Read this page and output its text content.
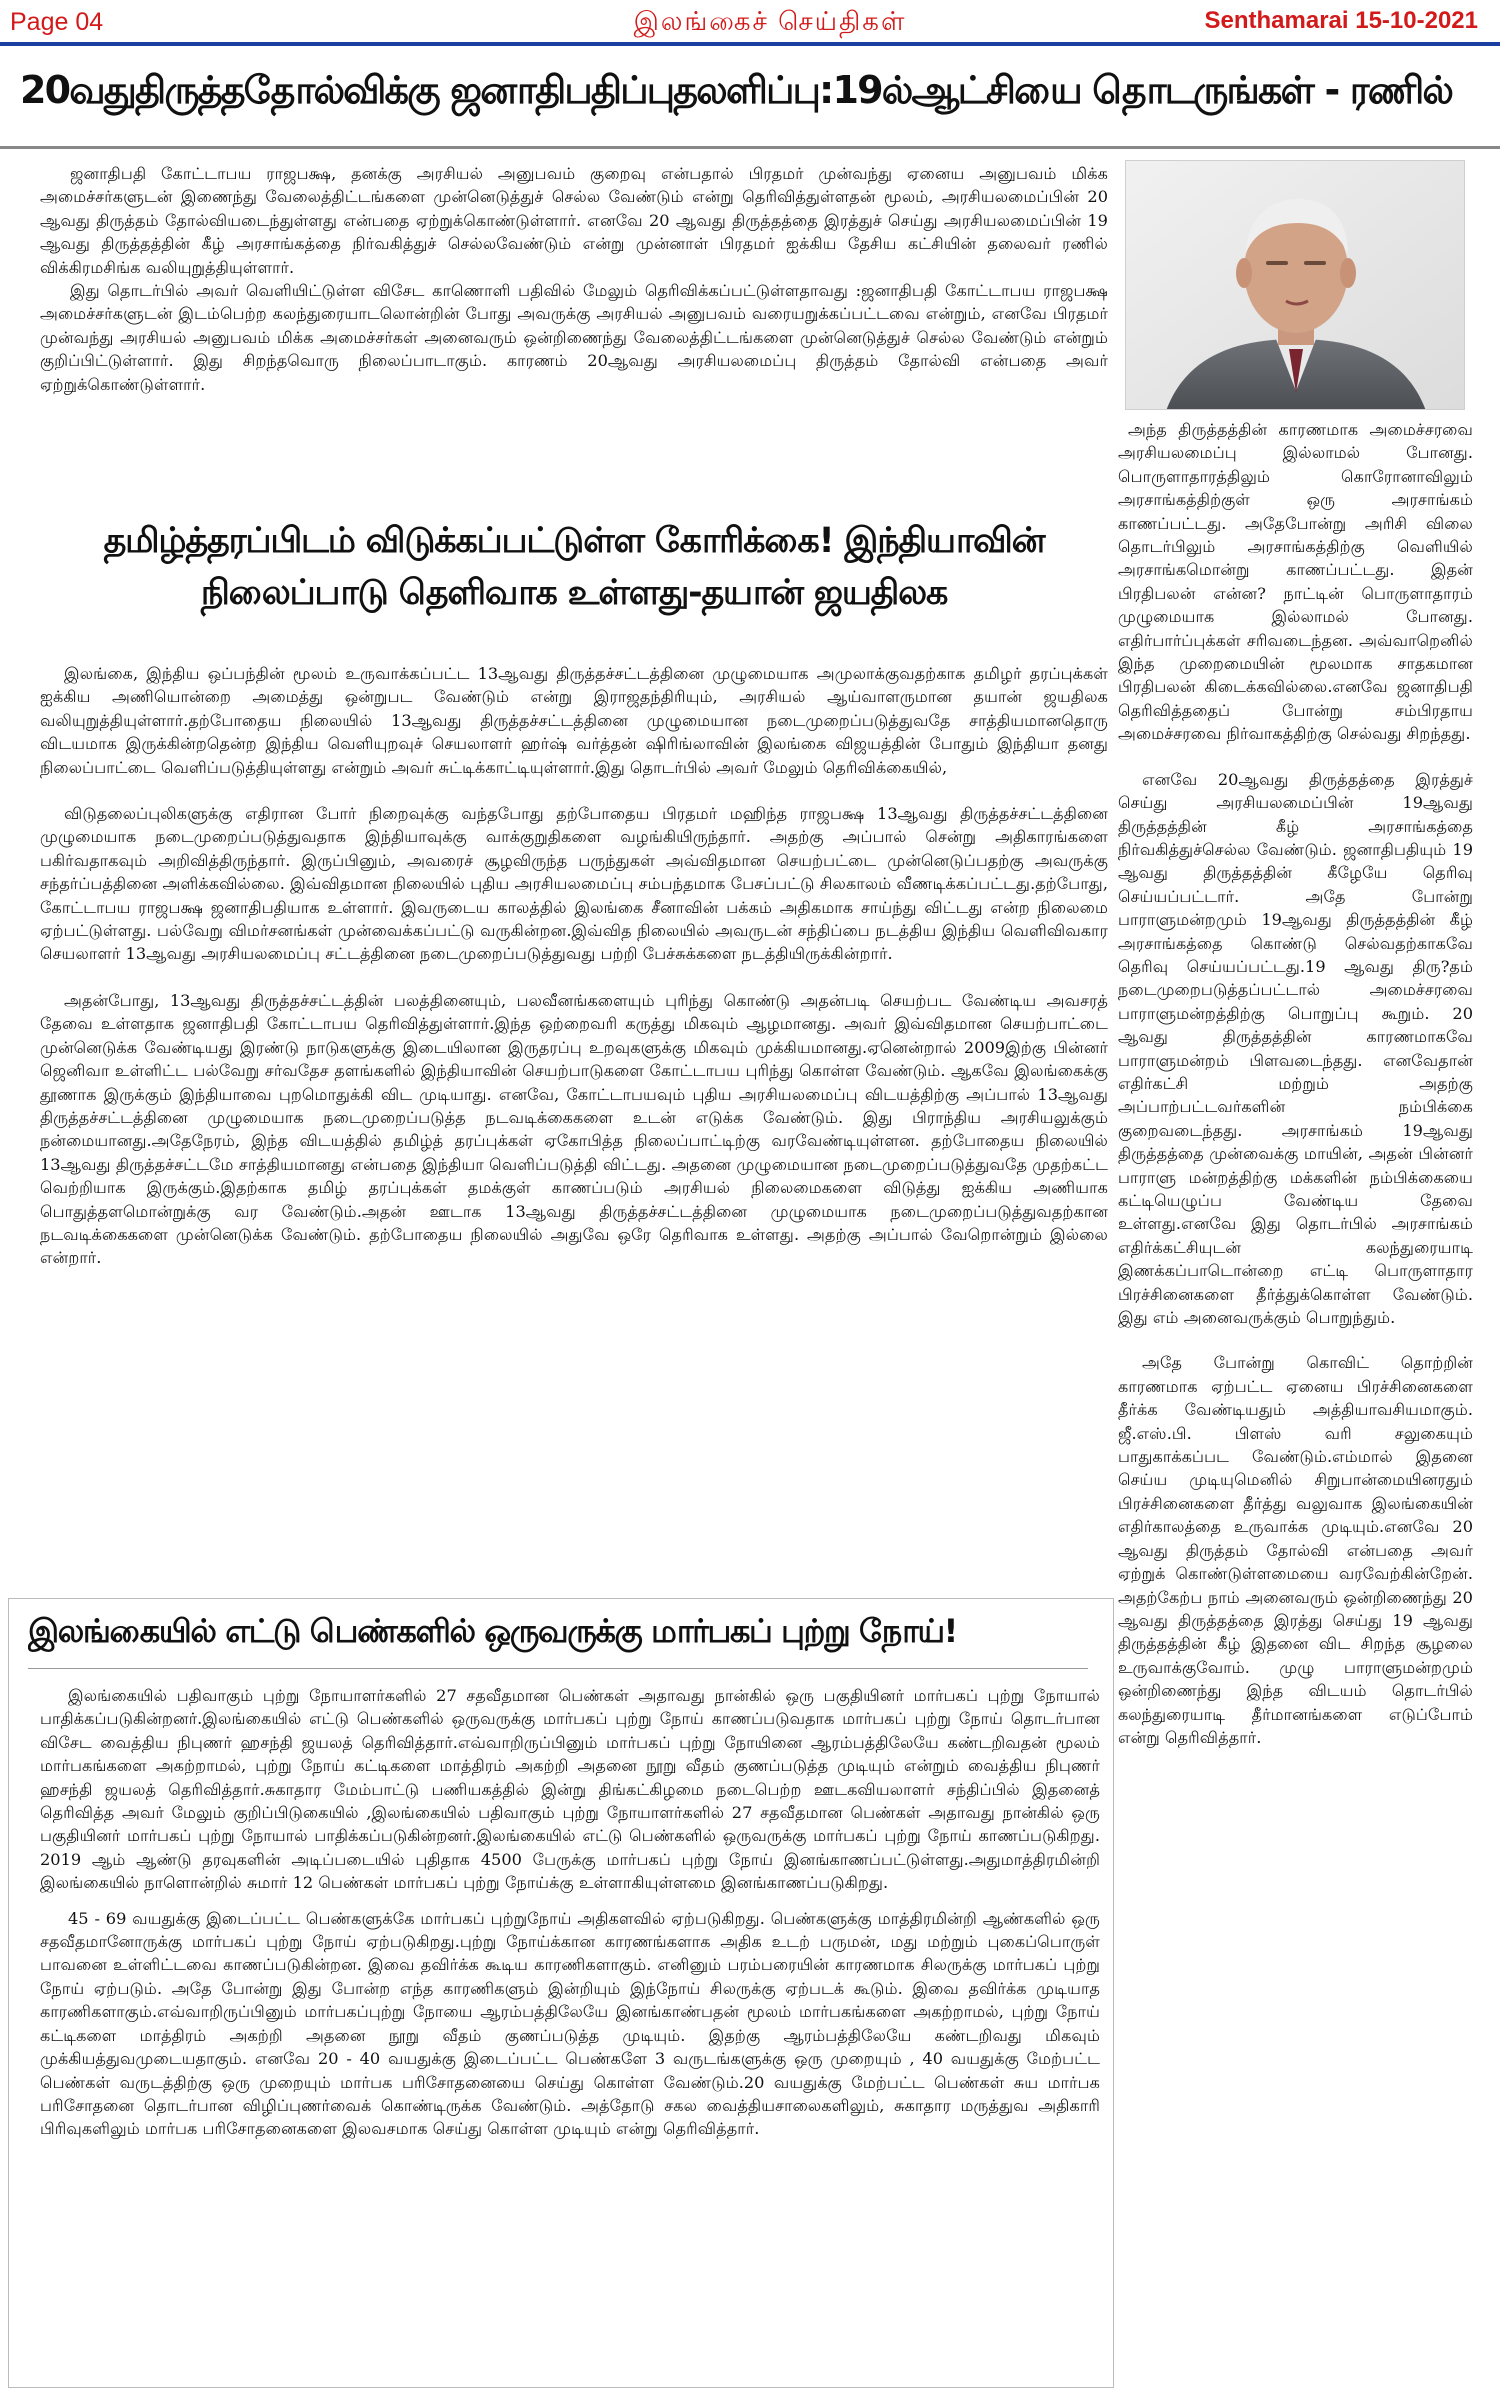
Page 04	இலங்கைச் செய்திகள்	Senthamarai 15-10-2021
20வதுதிருத்ததோல்விக்கு ஜனாதிபதிப்புதலளிப்பு:19ல்ஆட்சியை தொடருங்கள் - ரணில்

ஜனாதிபதி கோட்டாபய ராஜபக்ஷ, தனக்கு அரசியல் அனுபவம் குறைவு என்பதால் பிரதமர் முன்வந்து ஏனைய அனுபவம் மிக்க அமைச்சர்களுடன் இணைந்து வேலைத்திட்டங்களை முன்னெடுத்துச் செல்ல வேண்டும் என்று தெரிவித்துள்ளதன் மூலம், அரசியலமைப்பின் 20 ஆவது திருத்தம் தோல்வியடைந்துள்ளது என்பதை ஏற்றுக்கொண்டுள்ளார். எனவே 20 ஆவது திருத்தத்தை இரத்துச் செய்து அரசியலமைப்பின் 19 ஆவது திருத்தத்தின் கீழ் அரசாங்கத்தை நிர்வகித்துச் செல்லவேண்டும் என்று முன்னாள் பிரதமர் ஐக்கிய தேசிய கட்சியின் தலைவர் ரணில் விக்கிரமசிங்க வலியுறுத்தியுள்ளார்.

இது தொடர்பில் அவர் வெளியிட்டுள்ள விசேட காணொளி பதிவில் மேலும் தெரிவிக்கப்பட்டுள்ளதாவது :ஜனாதிபதி கோட்டாபய ராஜபக்ஷ அமைச்சர்களுடன் இடம்பெற்ற கலந்துரையாடலொன்றின் போது அவருக்கு அரசியல் அனுபவம் வரையறுக்கப்பட்டவை என்றும், எனவே பிரதமர் முன்வந்து அரசியல் அனுபவம் மிக்க அமைச்சர்கள் அனைவரும் ஒன்றிணைந்து வேலைத்திட்டங்களை முன்னெடுத்துச் செல்ல வேண்டும் என்றும் குறிப்பிட்டுள்ளார். இது சிறந்தவொரு நிலைப்பாடாகும். காரணம் 20ஆவது அரசியலமைப்பு திருத்தம் தோல்வி என்பதை அவர் ஏற்றுக்கொண்டுள்ளார்.

தமிழ்த்தரப்பிடம் விடுக்கப்பட்டுள்ள கோரிக்கை! இந்தியாவின்
நிலைப்பாடு தெளிவாக உள்ளது-தயான் ஜயதிலக

இலங்கை, இந்திய ஒப்பந்தின் மூலம் உருவாக்கப்பட்ட 13ஆவது திருத்தச்சட்டத்தினை முழுமையாக அமுலாக்குவதற்காக தமிழர் தரப்புக்கள் ஐக்கிய அணியொன்றை அமைத்து ஒன்றுபட வேண்டும் என்று இராஜதந்திரியும், அரசியல் ஆய்வாளருமான தயான் ஜயதிலக வலியுறுத்தியுள்ளார்.தற்போதைய நிலையில் 13ஆவது திருத்தச்சட்டத்தினை முழுமையான நடைமுறைப்படுத்துவதே சாத்தியமானதொரு விடயமாக இருக்கின்றதென்ற இந்திய வெளியுறவுச் செயலாளர் ஹர்ஷ் வர்த்தன் ஷிரிங்லாவின் இலங்கை விஜயத்தின் போதும் இந்தியா தனது நிலைப்பாட்டை வெளிப்படுத்தியுள்ளது என்றும் அவர் சுட்டிக்காட்டியுள்ளார்.இது தொடர்பில் அவர் மேலும் தெரிவிக்கையில்,

விடுதலைப்புலிகளுக்கு எதிரான போர் நிறைவுக்கு வந்தபோது தற்போதைய பிரதமர் மஹிந்த ராஜபக்ஷ 13ஆவது திருத்தச்சட்டத்தினை முழுமையாக நடைமுறைப்படுத்துவதாக இந்தியாவுக்கு வாக்குறுதிகளை வழங்கியிருந்தார். அதற்கு அப்பால் சென்று அதிகாரங்களை பகிர்வதாகவும் அறிவித்திருந்தார். இருப்பினும், அவரைச் சூழவிருந்த பருந்துகள் அவ்விதமான செயற்பட்டை முன்னெடுப்பதற்கு அவருக்கு சந்தர்ப்பத்தினை அளிக்கவில்லை. இவ்விதமான நிலையில் புதிய அரசியலமைப்பு சம்பந்தமாக பேசப்பட்டு சிலகாலம் வீணடிக்கப்பட்டது.தற்போது, கோட்டாபய ராஜபக்ஷ ஜனாதிபதியாக உள்ளார். இவருடைய காலத்தில் இலங்கை சீனாவின் பக்கம் அதிகமாக சாய்ந்து விட்டது என்ற நிலைமை ஏற்பட்டுள்ளது. பல்வேறு விமர்சனங்கள் முன்வைக்கப்பட்டு வருகின்றன.இவ்வித நிலையில் அவருடன் சந்திப்பை நடத்திய இந்திய வெளிவிவகார செயலாளர் 13ஆவது அரசியலமைப்பு சட்டத்தினை நடைமுறைப்படுத்துவது பற்றி பேச்சுக்களை நடத்தியிருக்கின்றார்.

அதன்போது, 13ஆவது திருத்தச்சட்டத்தின் பலத்தினையும், பலவீனங்களையும் புரிந்து கொண்டு அதன்படி செயற்பட வேண்டிய அவசரத் தேவை உள்ளதாக ஜனாதிபதி கோட்டாபய தெரிவித்துள்ளார்.இந்த ஒற்றைவரி கருத்து மிகவும் ஆழமானது. அவர் இவ்விதமான செயற்பாட்டை முன்னெடுக்க வேண்டியது இரண்டு நாடுகளுக்கு இடையிலான இருதரப்பு உறவுகளுக்கு மிகவும் முக்கியமானது.ஏனென்றால் 2009இற்கு பின்னர் ஜெனிவா உள்ளிட்ட பல்வேறு சர்வதேச தளங்களில் இந்தியாவின் செயற்பாடுகளை கோட்டாபய புரிந்து கொள்ள வேண்டும். ஆகவே இலங்கைக்கு தூணாக இருக்கும் இந்தியாவை புறமொதுக்கி விட முடியாது. எனவே, கோட்டாபயவும் புதிய அரசியலமைப்பு விடயத்திற்கு அப்பால் 13ஆவது திருத்தச்சட்டத்தினை முழுமையாக நடைமுறைப்படுத்த நடவடிக்கைகளை உடன் எடுக்க வேண்டும். இது பிராந்திய அரசியலுக்கும் நன்மையானது.அதேநேரம், இந்த விடயத்தில் தமிழ்த் தரப்புக்கள் ஏகோபித்த நிலைப்பாட்டிற்கு வரவேண்டியுள்ளன. தற்போதைய நிலையில் 13ஆவது திருத்தச்சட்டமே சாத்தியமானது என்பதை இந்தியா வெளிப்படுத்தி விட்டது. அதனை முழுமையான நடைமுறைப்படுத்துவதே முதற்கட்ட வெற்றியாக இருக்கும்.இதற்காக தமிழ் தரப்புக்கள் தமக்குள் காணப்படும் அரசியல் நிலைமைகளை விடுத்து ஐக்கிய அணியாக பொதுத்தளமொன்றுக்கு வர வேண்டும்.அதன் ஊடாக 13ஆவது திருத்தச்சட்டத்தினை முழுமையாக நடைமுறைப்படுத்துவதற்கான நடவடிக்கைகளை முன்னெடுக்க வேண்டும். தற்போதைய நிலையில் அதுவே ஒரே தெரிவாக உள்ளது. அதற்கு அப்பால் வேறொன்றும் இல்லை என்றார்.

இலங்கையில் எட்டு பெண்களில் ஒருவருக்கு மார்பகப் புற்று நோய்!

இலங்கையில் பதிவாகும் புற்று நோயாளர்களில் 27 சதவீதமான பெண்கள் அதாவது நான்கில் ஒரு பகுதியினர் மார்பகப் புற்று நோயால் பாதிக்கப்படுகின்றனர்.இலங்கையில் எட்டு பெண்களில் ஒருவருக்கு மார்பகப் புற்று நோய் காணப்படுவதாக மார்பகப் புற்று நோய் தொடர்பான விசேட வைத்திய நிபுணர் ஹசந்தி ஜயலத் தெரிவித்தார்.எவ்வாறிருப்பினும் மார்பகப் புற்று நோயினை ஆரம்பத்திலேயே கண்டறிவதன் மூலம் மார்பகங்களை அகற்றாமல், புற்று நோய் கட்டிகளை மாத்திரம் அகற்றி அதனை நூறு வீதம் குணப்படுத்த முடியும் என்றும் வைத்திய நிபுணர் ஹசந்தி ஜயலத் தெரிவித்தார்.சுகாதார மேம்பாட்டு பணியகத்தில் இன்று திங்கட்கிழமை நடைபெற்ற ஊடகவியலாளர் சந்திப்பில் இதனைத் தெரிவித்த அவர் மேலும் குறிப்பிடுகையில் ,இலங்கையில் பதிவாகும் புற்று நோயாளர்களில் 27 சதவீதமான பெண்கள் அதாவது நான்கில் ஒரு பகுதியினர் மார்பகப் புற்று நோயால் பாதிக்கப்படுகின்றனர்.இலங்கையில் எட்டு பெண்களில் ஒருவருக்கு மார்பகப் புற்று நோய் காணப்படுகிறது. 2019 ஆம் ஆண்டு தரவுகளின் அடிப்படையில் புதிதாக 4500 பேருக்கு மார்பகப் புற்று நோய் இனங்காணப்பட்டுள்ளது.அதுமாத்திரமின்றி இலங்கையில் நாளொன்றில் சுமார் 12 பெண்கள் மார்பகப் புற்று நோய்க்கு உள்ளாகியுள்ளமை இனங்காணப்படுகிறது.

45 - 69 வயதுக்கு இடைப்பட்ட பெண்களுக்கே மார்பகப் புற்றுநோய் அதிகளவில் ஏற்படுகிறது. பெண்களுக்கு மாத்திரமின்றி ஆண்களில் ஒரு சதவீதமானோருக்கு மார்பகப் புற்று நோய் ஏற்படுகிறது.புற்று நோய்க்கான காரணங்களாக அதிக உடற் பருமன், மது மற்றும் புகைப்பொருள் பாவனை உள்ளிட்டவை காணப்படுகின்றன. இவை தவிர்க்க கூடிய காரணிகளாகும். எனினும் பரம்பரையின் காரணமாக சிலருக்கு மார்பகப் புற்று நோய் ஏற்படும். அதே போன்று இது போன்ற எந்த காரணிகளும் இன்றியும் இந்நோய் சிலருக்கு ஏற்படக் கூடும். இவை தவிர்க்க முடியாத காரணிகளாகும்.எவ்வாறிருப்பினும் மார்பகப்புற்று நோயை ஆரம்பத்திலேயே இனங்காண்பதன் மூலம் மார்பகங்களை அகற்றாமல், புற்று நோய் கட்டிகளை மாத்திரம் அகற்றி அதனை நூறு வீதம் குணப்படுத்த முடியும். இதற்கு ஆரம்பத்திலேயே கண்டறிவது மிகவும் முக்கியத்துவமுடையதாகும். எனவே 20 - 40 வயதுக்கு இடைப்பட்ட பெண்களே 3 வருடங்களுக்கு ஒரு முறையும் , 40 வயதுக்கு மேற்பட்ட பெண்கள் வருடத்திற்கு ஒரு முறையும் மார்பக பரிசோதனையை செய்து கொள்ள வேண்டும்.20 வயதுக்கு மேற்பட்ட பெண்கள் சுய மார்பக பரிசோதனை தொடர்பான விழிப்புணர்வைக் கொண்டிருக்க வேண்டும். அத்தோடு சகல வைத்தியசாலைகளிலும், சுகாதார மருத்துவ அதிகாரி பிரிவுகளிலும் மார்பக பரிசோதனைகளை இலவசமாக செய்து கொள்ள முடியும் என்று தெரிவித்தார்.

அந்த திருத்தத்தின் காரணமாக அமைச்சரவை அரசியலமைப்பு இல்லாமல் போனது. பொருளாதாரத்திலும் கொரோனாவிலும் அரசாங்கத்திற்குள் ஒரு அரசாங்கம் காணப்பட்டது. அதேபோன்று அரிசி விலை தொடர்பிலும் அரசாங்கத்திற்கு வெளியில் அரசாங்கமொன்று காணப்பட்டது. இதன் பிரதிபலன் என்ன? நாட்டின் பொருளாதாரம் முழுமையாக இல்லாமல் போனது. எதிர்பார்ப்புக்கள் சரிவடைந்தன. அவ்வாறெனில் இந்த முறைமையின் மூலமாக சாதகமான பிரதிபலன் கிடைக்கவில்லை.எனவே ஜனாதிபதி தெரிவித்ததைப் போன்று சம்பிரதாய அமைச்சரவை நிர்வாகத்திற்கு செல்வது சிறந்தது.

எனவே 20ஆவது திருத்தத்தை இரத்துச் செய்து அரசியலமைப்பின் 19ஆவது திருத்தத்தின் கீழ் அரசாங்கத்தை நிர்வகித்துச்செல்ல வேண்டும். ஜனாதிபதியும் 19 ஆவது திருத்தத்தின் கீழேயே தெரிவு செய்யப்பட்டார். அதே போன்று பாராளுமன்றமும் 19ஆவது திருத்தத்தின் கீழ் அரசாங்கத்தை கொண்டு செல்வதற்காகவே தெரிவு செய்யப்பட்டது.19 ஆவது திரு?தம் நடைமுறைபடுத்தப்பட்டால் அமைச்சரவை பாராளுமன்றத்திற்கு பொறுப்பு கூறும். 20 ஆவது திருத்தத்தின் காரணமாகவே பாராளுமன்றம் பிளவடைந்தது. எனவேதான் எதிர்கட்சி மற்றும் அதற்கு அப்பாற்பட்டவர்களின் நம்பிக்கை குறைவடைந்தது. அரசாங்கம் 19ஆவது திருத்தத்தை முன்வைக்கு மாயின், அதன் பின்னர் பாராளு மன்றத்திற்கு மக்களின் நம்பிக்கையை கட்டியெழுப்ப வேண்டிய தேவை உள்ளது.எனவே இது தொடர்பில் அரசாங்கம் எதிர்க்கட்சியுடன் கலந்துரையாடி இணக்கப்பாடொன்றை எட்டி பொருளாதார பிரச்சினைகளை தீர்த்துக்கொள்ள வேண்டும். இது எம் அனைவருக்கும் பொறுந்தும்.

அதே போன்று கொவிட் தொற்றின் காரணமாக ஏற்பட்ட ஏனைய பிரச்சினைகளை தீர்க்க வேண்டியதும் அத்தியாவசியமாகும். ஜீ.எஸ்.பி. பிளஸ் வரி சலுகையும் பாதுகாக்கப்பட வேண்டும்.எம்மால் இதனை செய்ய முடியுமெனில் சிறுபான்மையினரதும் பிரச்சினைகளை தீர்த்து வலுவாக இலங்கையின் எதிர்காலத்தை உருவாக்க முடியும்.எனவே 20 ஆவது திருத்தம் தோல்வி என்பதை அவர் ஏற்றுக் கொண்டுள்ளமையை வரவேற்கின்றேன். அதற்கேற்ப நாம் அனைவரும் ஒன்றிணைந்து 20 ஆவது திருத்தத்தை இரத்து செய்து 19 ஆவது திருத்தத்தின் கீழ் இதனை விட சிறந்த சூழலை உருவாக்குவோம். முழு பாராளுமன்றமும் ஒன்றிணைந்து இந்த விடயம் தொடர்பில் கலந்துரையாடி தீர்மானங்களை எடுப்போம் என்று தெரிவித்தார்.
